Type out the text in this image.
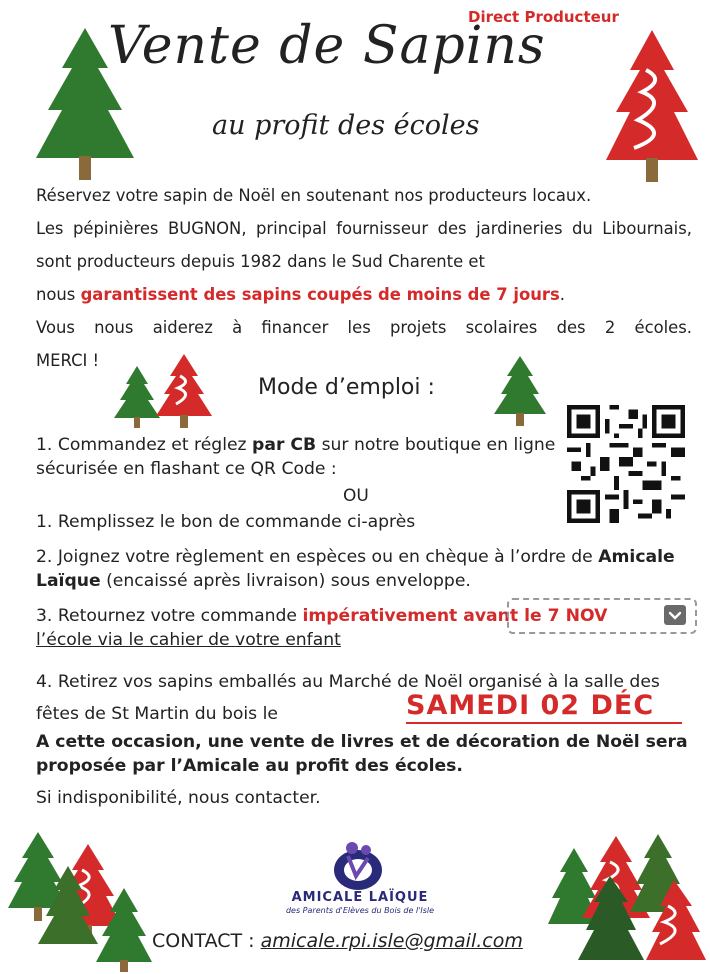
Direct Producteur
Vente de Sapins
au profit des écoles

Réservez votre sapin de Noël en soutenant nos producteurs locaux.

Les pépinières BUGNON, principal fournisseur des jardineries du Libournais, sont producteurs depuis 1982 dans le Sud Charente et

nous garantissent des sapins coupés de moins de 7 jours.

Vous nous aiderez à financer les projets scolaires des 2 écoles.

MERCI !

Mode d’emploi :
1. Commandez et réglez par CB sur notre boutique en ligne sécurisée en flashant ce QR Code :
OU
1. Remplissez le bon de commande ci-après
2. Joignez votre règlement en espèces ou en chèque à l’ordre de Amicale Laïque (encaissé après livraison) sous enveloppe.
3. Retournez votre commande impérativement avant le 7 NOV
l’école via le cahier de votre enfant
4. Retirez vos sapins emballés au Marché de Noël organisé à la salle des fêtes de St Martin du bois le	SAMEDI 02 DÉC
A cette occasion, une vente de livres et de décoration de Noël sera proposée par l’Amicale au profit des écoles.
Si indisponibilité, nous contacter.
AMICALE LAÏQUE
des Parents d'Elèves du Bois de l'Isle
CONTACT : amicale.rpi.isle@gmail.com
